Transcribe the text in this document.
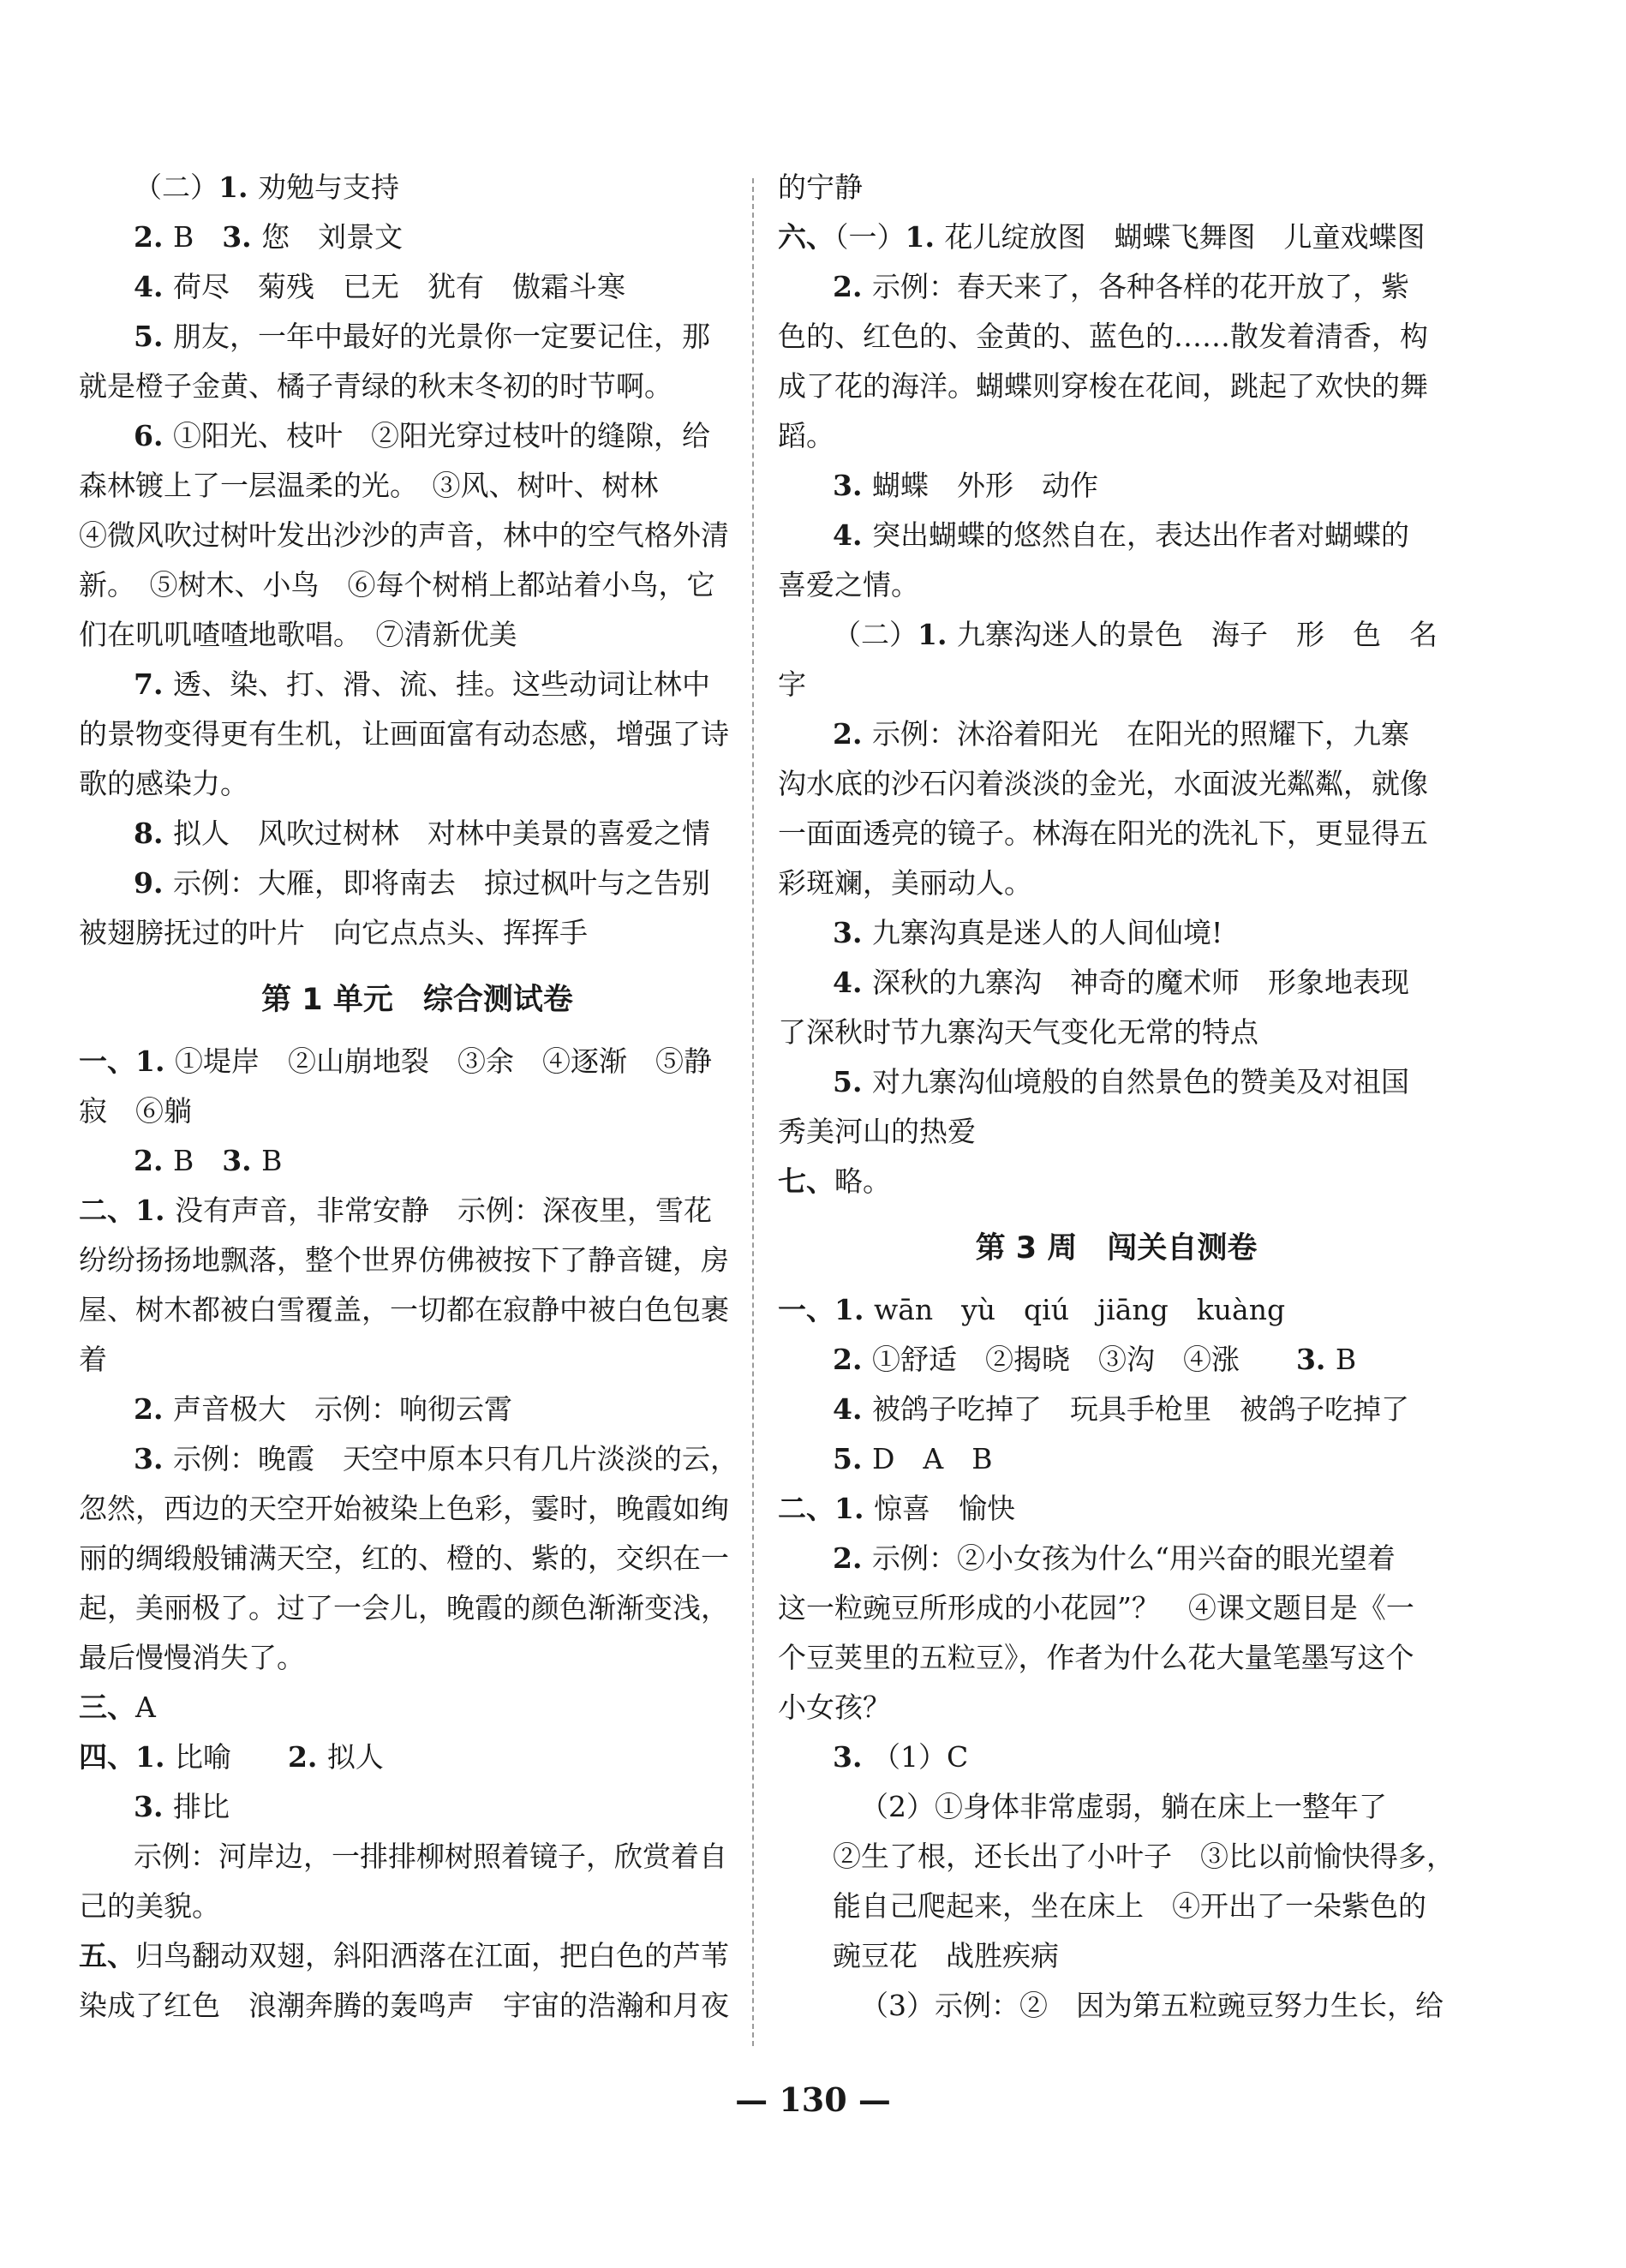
（二）1. 劝勉与支持
2. B　3. 您　刘景文
4. 荷尽　菊残　已无　犹有　傲霜斗寒
5. 朋友，一年中最好的光景你一定要记住，那
就是橙子金黄、橘子青绿的秋末冬初的时节啊。
6. ①阳光、枝叶　②阳光穿过枝叶的缝隙，给
森林镀上了一层温柔的光。　③风、树叶、树林
④微风吹过树叶发出沙沙的声音，林中的空气格外清
新。　⑤树木、小鸟　⑥每个树梢上都站着小鸟，它
们在叽叽喳喳地歌唱。　⑦清新优美
7. 透、染、打、滑、流、挂。这些动词让林中
的景物变得更有生机，让画面富有动态感，增强了诗
歌的感染力。
8. 拟人　风吹过树林　对林中美景的喜爱之情
9. 示例：大雁，即将南去　掠过枫叶与之告别
被翅膀抚过的叶片　向它点点头、挥挥手
第 1 单元　综合测试卷
一、1. ①堤岸　②山崩地裂　③余　④逐渐　⑤静
寂　⑥躺
2. B　3. B
二、1. 没有声音，非常安静　示例：深夜里，雪花
纷纷扬扬地飘落，整个世界仿佛被按下了静音键，房
屋、树木都被白雪覆盖，一切都在寂静中被白色包裹
着
2. 声音极大　示例：响彻云霄
3. 示例：晚霞　天空中原本只有几片淡淡的云，
忽然，西边的天空开始被染上色彩，霎时，晚霞如绚
丽的绸缎般铺满天空，红的、橙的、紫的，交织在一
起，美丽极了。过了一会儿，晚霞的颜色渐渐变浅，
最后慢慢消失了。
三、A
四、1. 比喻　　2. 拟人
3. 排比
示例：河岸边，一排排柳树照着镜子，欣赏着自
己的美貌。
五、归鸟翻动双翅，斜阳洒落在江面，把白色的芦苇
染成了红色　浪潮奔腾的轰鸣声　宇宙的浩瀚和月夜
的宁静
六、（一）1. 花儿绽放图　蝴蝶飞舞图　儿童戏蝶图
2. 示例：春天来了，各种各样的花开放了，紫
色的、红色的、金黄的、蓝色的……散发着清香，构
成了花的海洋。蝴蝶则穿梭在花间，跳起了欢快的舞
蹈。
3. 蝴蝶　外形　动作
4. 突出蝴蝶的悠然自在，表达出作者对蝴蝶的
喜爱之情。
（二）1. 九寨沟迷人的景色　海子　形　色　名
字
2. 示例：沐浴着阳光　在阳光的照耀下，九寨
沟水底的沙石闪着淡淡的金光，水面波光粼粼，就像
一面面透亮的镜子。林海在阳光的洗礼下，更显得五
彩斑斓，美丽动人。
3. 九寨沟真是迷人的人间仙境!
4. 深秋的九寨沟　神奇的魔术师　形象地表现
了深秋时节九寨沟天气变化无常的特点
5. 对九寨沟仙境般的自然景色的赞美及对祖国
秀美河山的热爱
七、略。
第 3 周　闯关自测卷
一、1. wān　yù　qiú　jiāng　kuàng
2. ①舒适　②揭晓　③沟　④涨　　3. B
4. 被鸽子吃掉了　玩具手枪里　被鸽子吃掉了
5. D　A　B
二、1. 惊喜　愉快
2. 示例：②小女孩为什么“用兴奋的眼光望着
这一粒豌豆所形成的小花园”？　④课文题目是《一
个豆荚里的五粒豆》，作者为什么花大量笔墨写这个
小女孩？
3. （1）C
（2）①身体非常虚弱，躺在床上一整年了
②生了根，还长出了小叶子　③比以前愉快得多，
能自己爬起来，坐在床上　④开出了一朵紫色的
豌豆花　战胜疾病
（3）示例：②　因为第五粒豌豆努力生长，给
— 130 —
